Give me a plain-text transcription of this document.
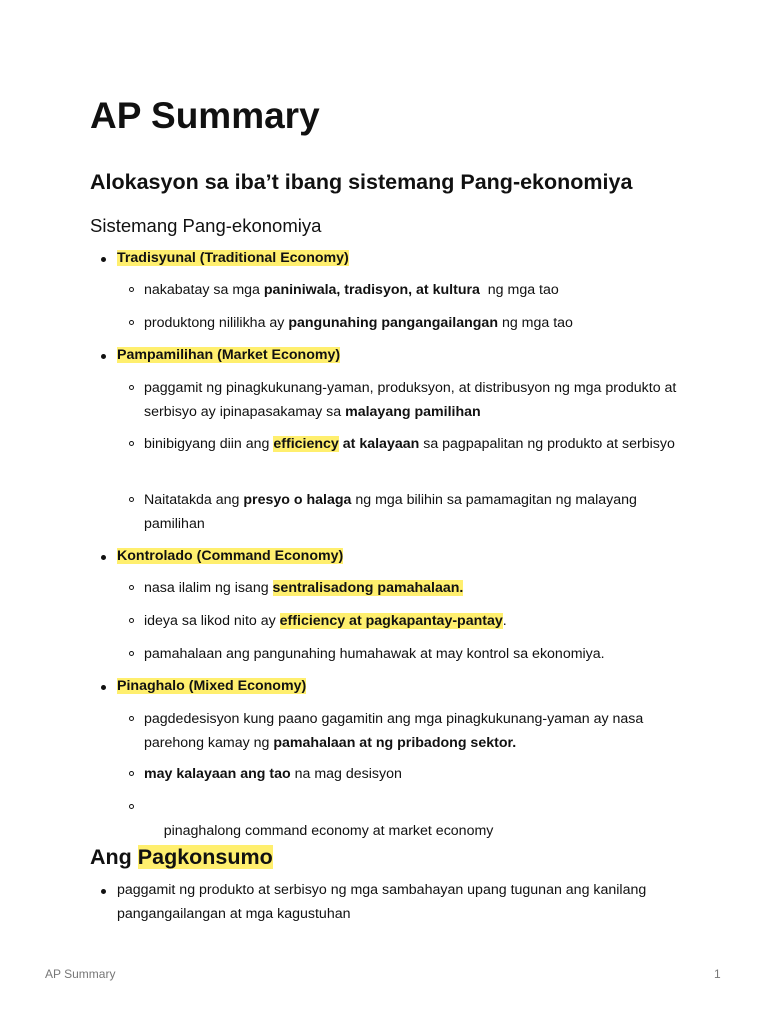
AP Summary
Alokasyon sa iba’t ibang sistemang Pang-ekonomiya
Sistemang Pang-ekonomiya
Tradisyunal (Traditional Economy)
nakabatay sa mga paniniwala, tradisyon, at kultura  ng mga tao
produktong nililikha ay pangunahing pangangailangan ng mga tao
Pampamilihan (Market Economy)
paggamit ng pinagkukunang-yaman, produksyon, at distribusyon ng mga produkto at serbisyo ay ipinapasakamay sa malayang pamilihan
binibigyang diin ang efficiency at kalayaan sa pagpapalitan ng produkto at serbisyo
Naitatakda ang presyo o halaga ng mga bilihin sa pamamagitan ng malayang pamilihan
Kontrolado (Command Economy)
nasa ilalim ng isang sentralisadong pamahalaan.
ideya sa likod nito ay efficiency at pagkapantay-pantay.
pamahalaan ang pangunahing humahawak at may kontrol sa ekonomiya.
Pinaghalo (Mixed Economy)
pagdedesisyon kung paano gagamitin ang mga pinagkukunang-yaman ay nasa parehong kamay ng pamahalaan at ng pribadong sektor.
may kalayaan ang tao na mag desisyon

pinaghalong command economy at market economy

Ang Pagkonsumo
paggamit ng produkto at serbisyo ng mga sambahayan upang tugunan ang kanilang pangangailangan at mga kagustuhan
AP Summary	1
